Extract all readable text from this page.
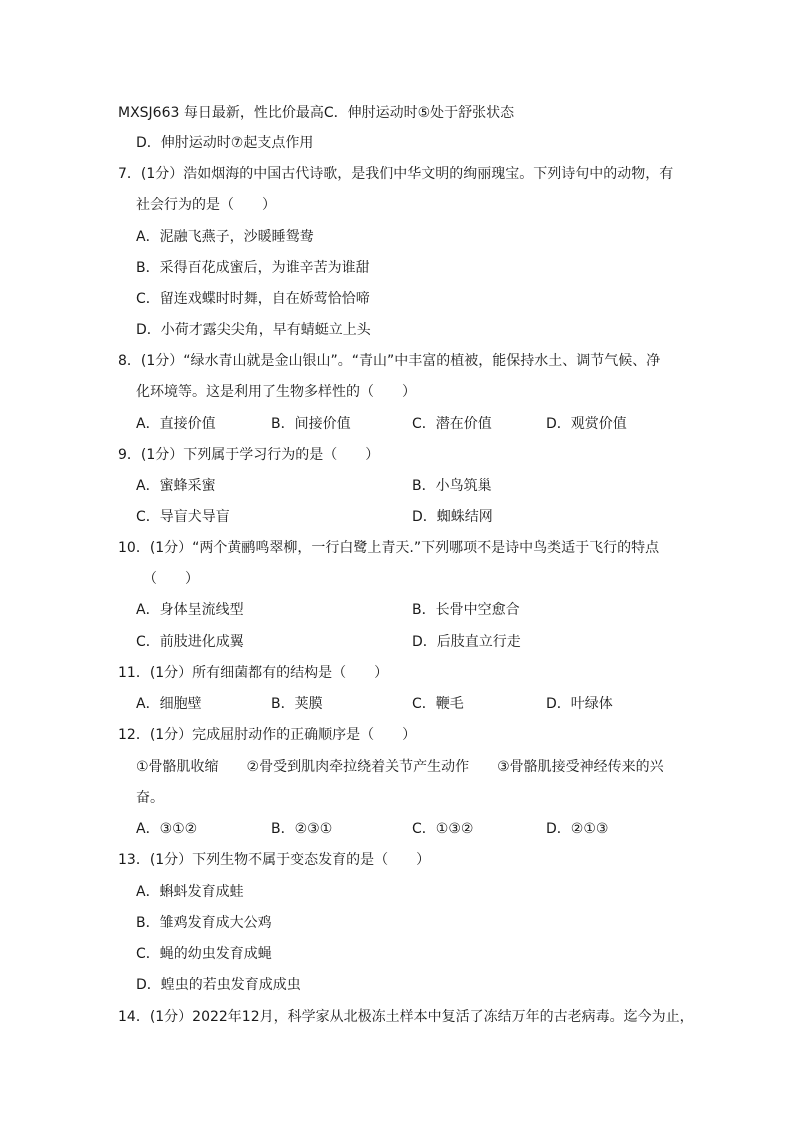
MXSJ663 每日最新，性比价最高C．伸肘运动时⑤处于舒张状态
D．伸肘运动时⑦起支点作用
7．(1分）浩如烟海的中国古代诗歌，是我们中华文明的绚丽瑰宝。下列诗句中的动物，有
社会行为的是（　　）
A．泥融飞燕子，沙暖睡鸳鸯
B．采得百花成蜜后，为谁辛苦为谁甜
C．留连戏蝶时时舞，自在娇莺恰恰啼
D．小荷才露尖尖角，早有蜻蜓立上头
8．(1分）“绿水青山就是金山银山”。“青山”中丰富的植被，能保持水土、调节气候、净
化环境等。这是利用了生物多样性的（　　）
A．直接价值	B．间接价值	C．潜在价值	D．观赏价值
9．(1分）下列属于学习行为的是（　　）
A．蜜蜂采蜜	B．小鸟筑巢
C．导盲犬导盲	D．蜘蛛结网
10．(1分）“两个黄鹂鸣翠柳，一行白鹭上青天.”下列哪项不是诗中鸟类适于飞行的特点
（　　）
A．身体呈流线型	B．长骨中空愈合
C．前肢进化成翼	D．后肢直立行走
11．(1分）所有细菌都有的结构是（　　）
A．细胞壁	B．荚膜	C．鞭毛	D．叶绿体
12．(1分）完成屈肘动作的正确顺序是（　　）
①骨骼肌收缩　　②骨受到肌肉牵拉绕着关节产生动作　　③骨骼肌接受神经传来的兴
奋。
A．③①②	B．②③①	C．①③②	D．②①③
13．(1分）下列生物不属于变态发育的是（　　）
A．蝌蚪发育成蛙
B．雏鸡发育成大公鸡
C．蝇的幼虫发育成蝇
D．蝗虫的若虫发育成成虫
14．(1分）2022年12月，科学家从北极冻土样本中复活了冻结万年的古老病毒。迄今为止，
